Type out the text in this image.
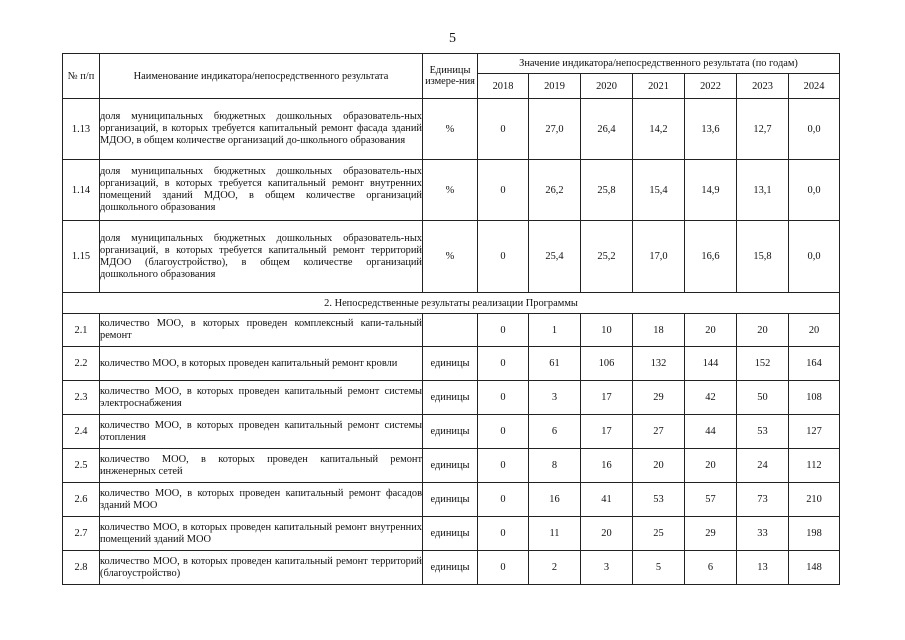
5
№ п/п	Наименование индикатора/непосредственного результата	Единицы измере-ния	Значение индикатора/непосредственного результата (по годам)						
			2018	2019	2020	2021	2022	2023	2024
1.13	доля муниципальных бюджетных дошкольных образователь-ных организаций, в которых требуется капитальный ремонт фасада зданий МДОО, в общем количестве организаций до-школьного образования	%	0	27,0	26,4	14,2	13,6	12,7	0,0
1.14	доля муниципальных бюджетных дошкольных образователь-ных организаций, в которых требуется капитальный ремонт внутренних помещений зданий МДОО, в общем количестве организаций дошкольного образования	%	0	26,2	25,8	15,4	14,9	13,1	0,0
1.15	доля муниципальных бюджетных дошкольных образователь-ных организаций, в которых требуется капитальный ремонт территорий МДОО (благоустройство), в общем количестве организаций дошкольного образования	%	0	25,4	25,2	17,0	16,6	15,8	0,0
2. Непосредственные результаты реализации Программы									
2.1	количество МОО, в которых проведен комплексный капи-тальный ремонт		0	1	10	18	20	20	20
2.2	количество МОО, в которых проведен капитальный ремонт кровли	единицы	0	61	106	132	144	152	164
2.3	количество МОО, в которых проведен капитальный ремонт системы электроснабжения	единицы	0	3	17	29	42	50	108
2.4	количество МОО, в которых проведен капитальный ремонт системы отопления	единицы	0	6	17	27	44	53	127
2.5	количество МОО, в которых проведен капитальный ремонт инженерных сетей	единицы	0	8	16	20	20	24	112
2.6	количество МОО, в которых проведен капитальный ремонт фасадов зданий МОО	единицы	0	16	41	53	57	73	210
2.7	количество МОО, в которых проведен капитальный ремонт внутренних помещений зданий МОО	единицы	0	11	20	25	29	33	198
2.8	количество МОО, в которых проведен капитальный ремонт территорий (благоустройство)	единицы	0	2	3	5	6	13	148
